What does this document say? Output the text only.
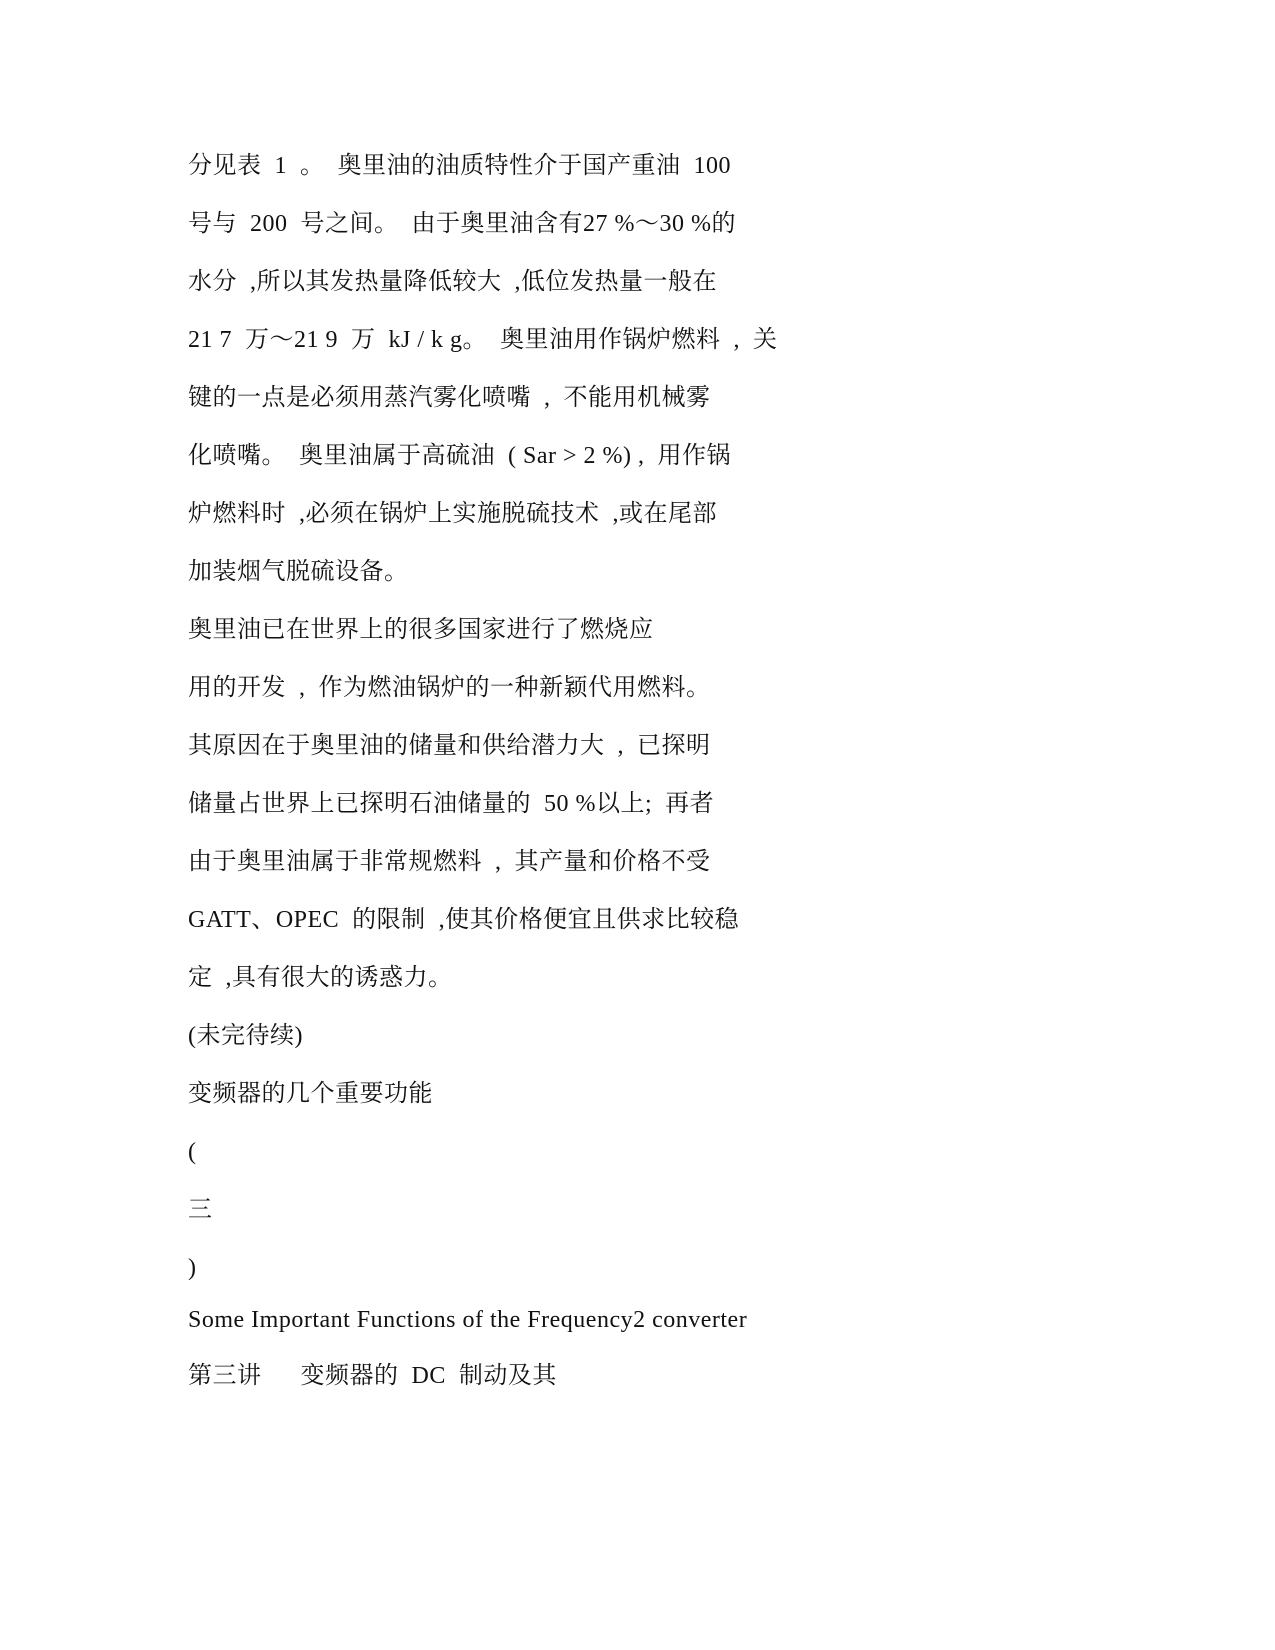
分见表  1  。  奥里油的油质特性介于国产重油  100
号与  200  号之间。  由于奥里油含有27 %～30 %的
水分  ,所以其发热量降低较大  ,低位发热量一般在
21 7  万～21 9  万  kJ / k g。  奥里油用作锅炉燃料  ,  关
键的一点是必须用蒸汽雾化喷嘴  ,  不能用机械雾
化喷嘴。  奥里油属于高硫油  ( Sar > 2 %) ,  用作锅
炉燃料时  ,必须在锅炉上实施脱硫技术  ,或在尾部
加装烟气脱硫设备。
奥里油已在世界上的很多国家进行了燃烧应
用的开发  ,  作为燃油锅炉的一种新颖代用燃料。
其原因在于奥里油的储量和供给潜力大  ,  已探明
储量占世界上已探明石油储量的  50 %以上;  再者
由于奥里油属于非常规燃料  ,  其产量和价格不受
GATT、OPEC  的限制  ,使其价格便宜且供求比较稳
定  ,具有很大的诱惑力。
(未完待续)
变频器的几个重要功能
(
三
)
Some Important Functions of the Frequency2 converter
第三讲      变频器的  DC  制动及其
